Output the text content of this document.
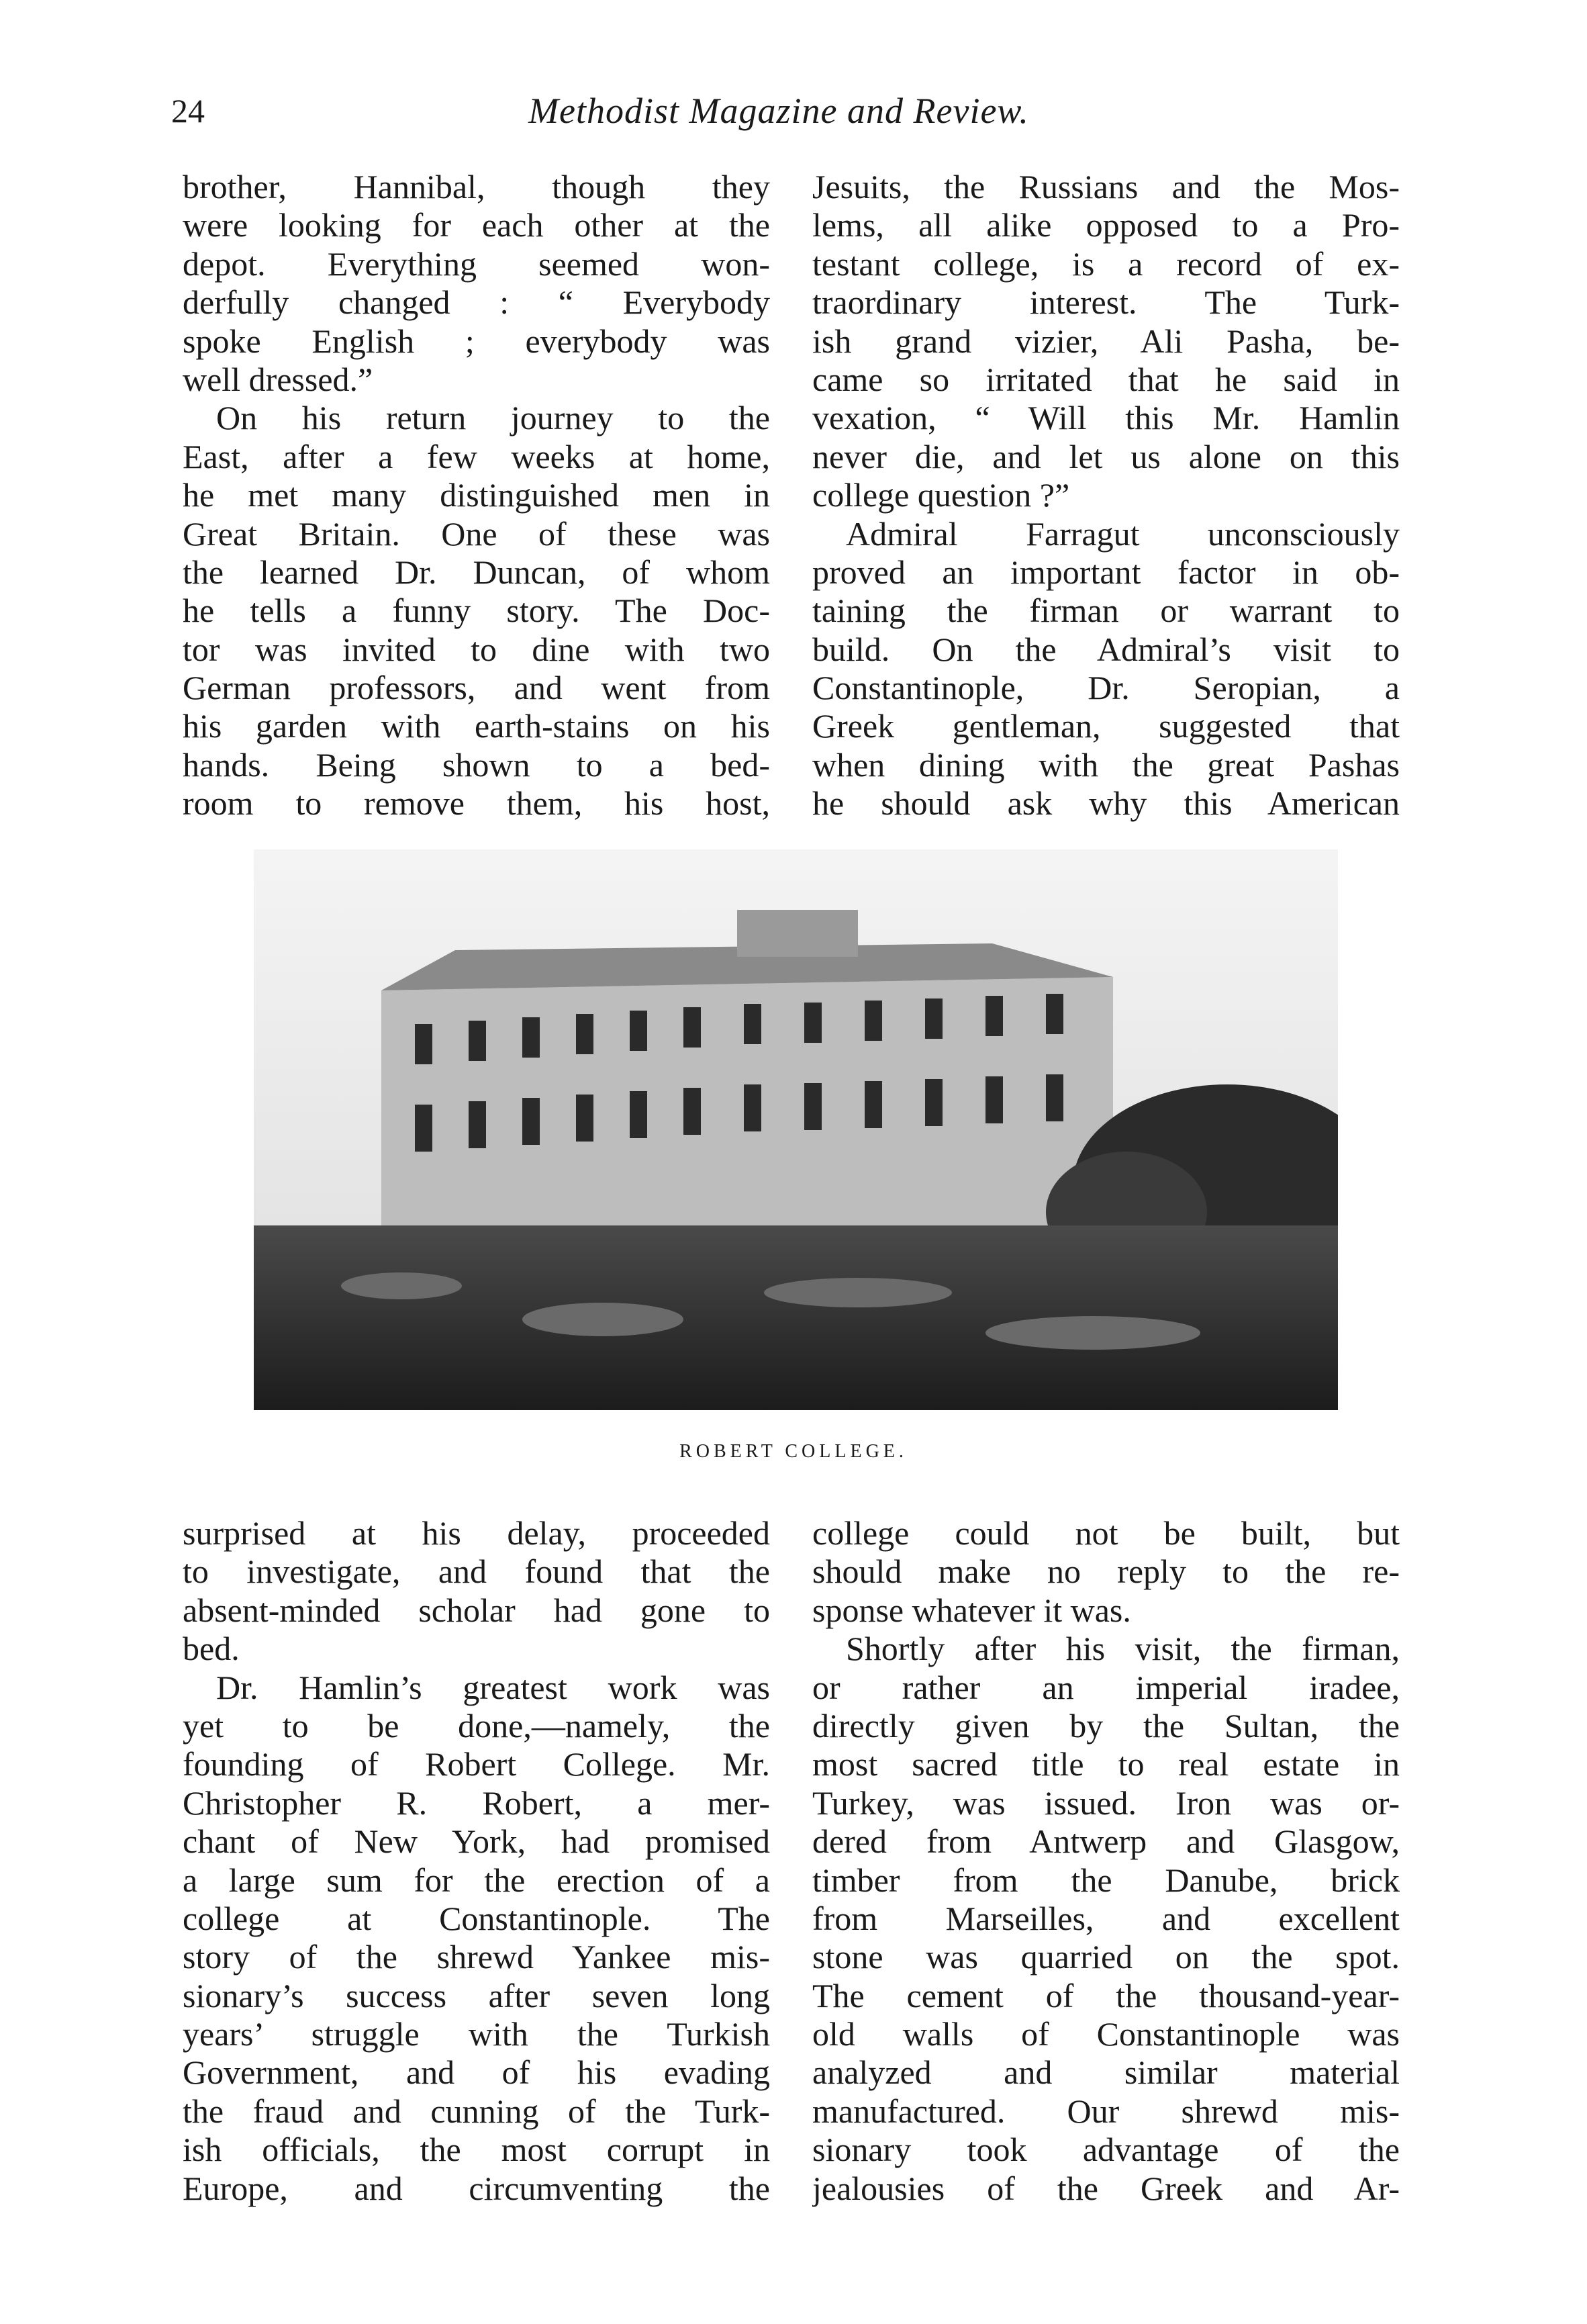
24	Methodist Magazine and Review.
brother, Hannibal, though they
were looking for each other at the
depot. Everything seemed won-
derfully changed : “ Everybody
spoke English ; everybody was
well dressed.”
On his return journey to the
East, after a few weeks at home,
he met many distinguished men in
Great Britain. One of these was
the learned Dr. Duncan, of whom
he tells a funny story. The Doc-
tor was invited to dine with two
German professors, and went from
his garden with earth-stains on his
hands. Being shown to a bed-
room to remove them, his host,
Jesuits, the Russians and the Mos-
lems, all alike opposed to a Pro-
testant college, is a record of ex-
traordinary interest. The Turk-
ish grand vizier, Ali Pasha, be-
came so irritated that he said in
vexation, “ Will this Mr. Hamlin
never die, and let us alone on this
college question ?”
Admiral Farragut unconsciously
proved an important factor in ob-
taining the firman or warrant to
build. On the Admiral’s visit to
Constantinople, Dr. Seropian, a
Greek gentleman, suggested that
when dining with the great Pashas
he should ask why this American
ROBERT COLLEGE.
surprised at his delay, proceeded
to investigate, and found that the
absent-minded scholar had gone to
bed.
Dr. Hamlin’s greatest work was
yet to be done,—namely, the
founding of Robert College. Mr.
Christopher R. Robert, a mer-
chant of New York, had promised
a large sum for the erection of a
college at Constantinople. The
story of the shrewd Yankee mis-
sionary’s success after seven long
years’ struggle with the Turkish
Government, and of his evading
the fraud and cunning of the Turk-
ish officials, the most corrupt in
Europe, and circumventing the
college could not be built, but
should make no reply to the re-
sponse whatever it was.
Shortly after his visit, the firman,
or rather an imperial iradee,
directly given by the Sultan, the
most sacred title to real estate in
Turkey, was issued. Iron was or-
dered from Antwerp and Glasgow,
timber from the Danube, brick
from Marseilles, and excellent
stone was quarried on the spot.
The cement of the thousand-year-
old walls of Constantinople was
analyzed and similar material
manufactured. Our shrewd mis-
sionary took advantage of the
jealousies of the Greek and Ar-
